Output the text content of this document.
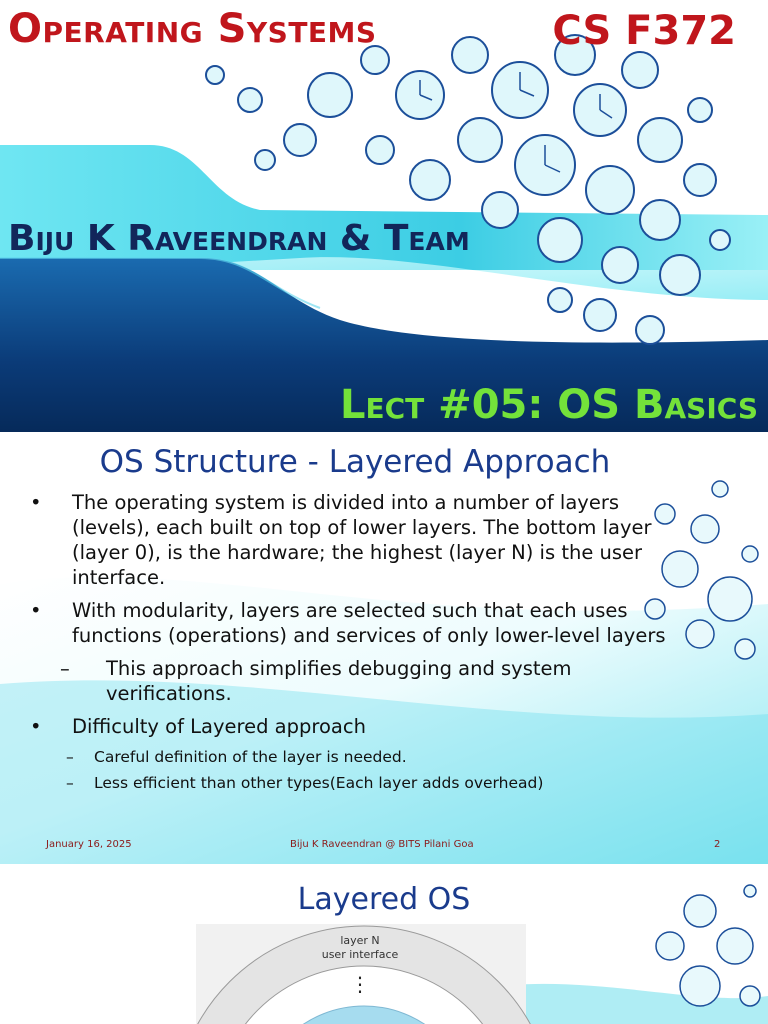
Operating Systems	CS F372
Biju K Raveendran & Team
Lect #05: OS Basics
OS Structure - Layered Approach
• The operating system is divided into a number of layers (levels), each built on top of lower layers. The bottom layer (layer 0), is the hardware; the highest (layer N) is the user interface.
• With modularity, layers are selected such that each uses functions (operations) and services of only lower-level layers
– This approach simplifies debugging and system verifications.
• Difficulty of Layered approach
– Careful definition of the layer is needed.
– Less efficient than other types(Each layer adds overhead)
January 16, 2025	Biju K Raveendran @ BITS Pilani Goa	2
Layered OS
layer N
user interface
⋮
